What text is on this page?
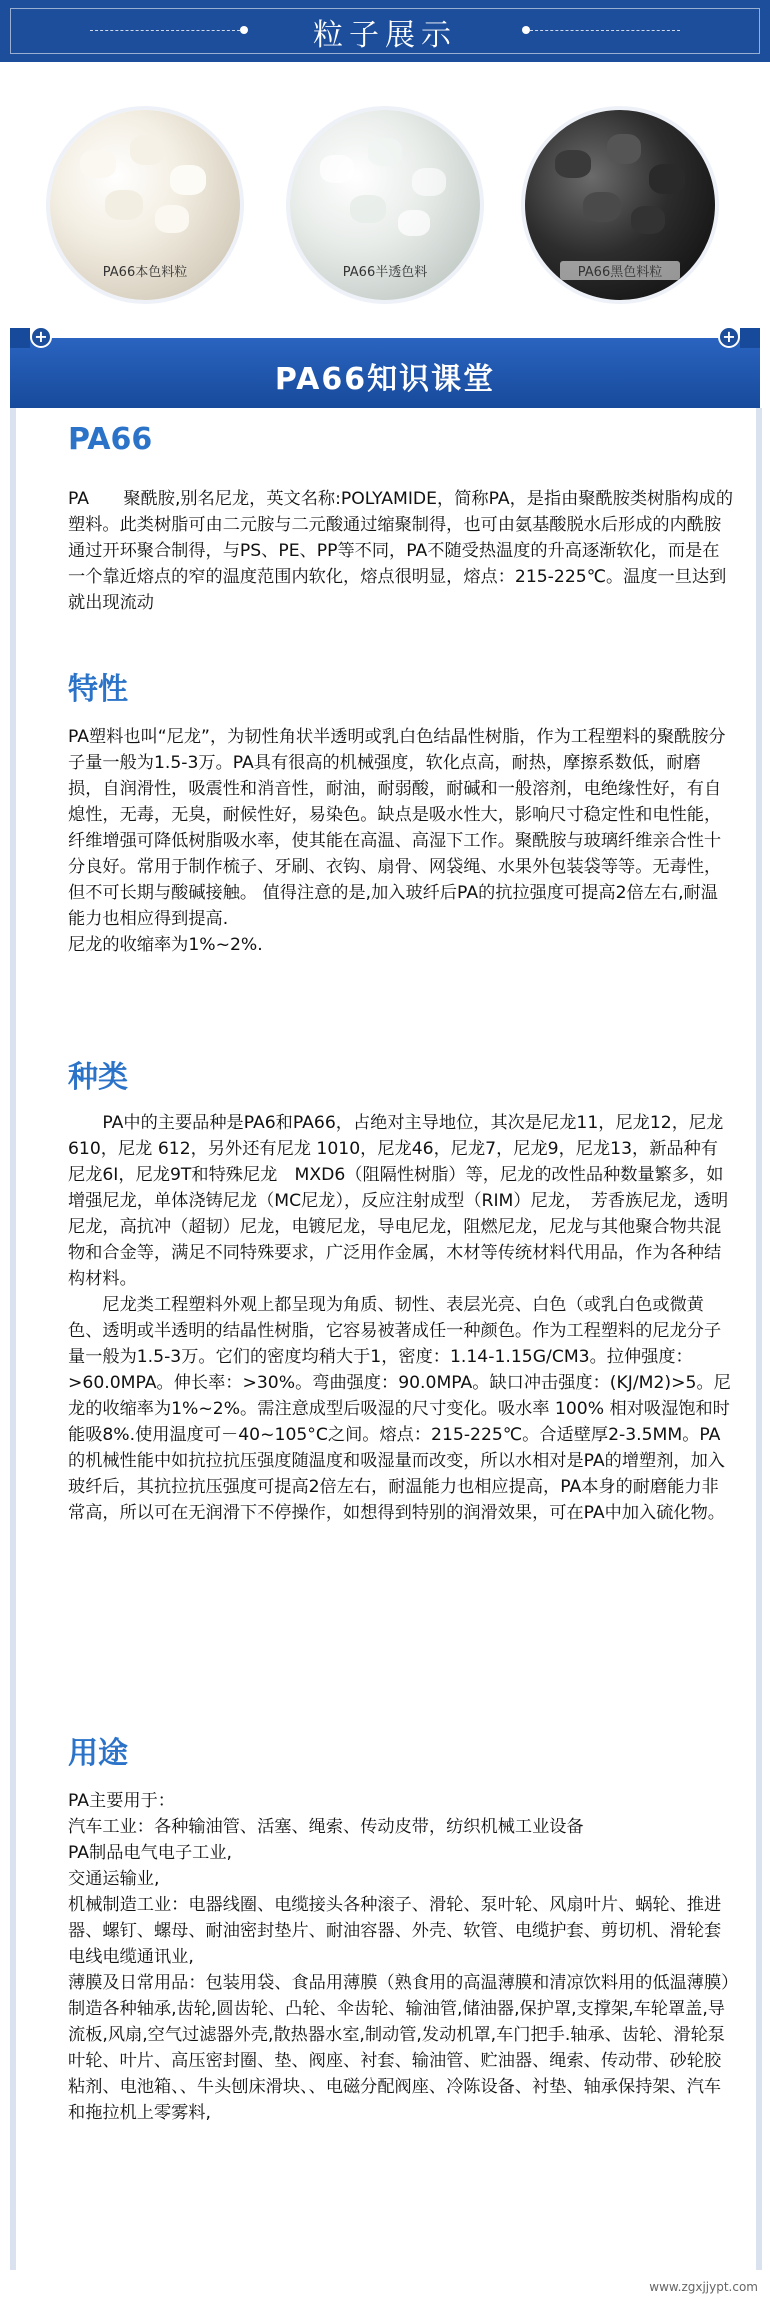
粒子展示
PA66本色料粒	PA66半透色料	PA66黑色料粒
+	+
PA66知识课堂
PA66

PA　　聚酰胺,别名尼龙，英文名称:POLYAMIDE，简称PA，是指由聚酰胺类树脂构成的塑料。此类树脂可由二元胺与二元酸通过缩聚制得，也可由氨基酸脱水后形成的内酰胺通过开环聚合制得，与PS、PE、PP等不同，PA不随受热温度的升高逐渐软化，而是在一个靠近熔点的窄的温度范围内软化，熔点很明显，熔点：215-225℃。温度一旦达到就出现流动

特性

PA塑料也叫“尼龙”，为韧性角状半透明或乳白色结晶性树脂，作为工程塑料的聚酰胺分子量一般为1.5-3万。PA具有很高的机械强度，软化点高，耐热，摩擦系数低，耐磨损，自润滑性，吸震性和消音性，耐油，耐弱酸，耐碱和一般溶剂，电绝缘性好，有自熄性，无毒，无臭，耐候性好，易染色。缺点是吸水性大，影响尺寸稳定性和电性能，纤维增强可降低树脂吸水率，使其能在高温、高湿下工作。聚酰胺与玻璃纤维亲合性十分良好。常用于制作梳子、牙刷、衣钩、扇骨、网袋绳、水果外包装袋等等。无毒性，但不可长期与酸碱接触。 值得注意的是,加入玻纤后PA的抗拉强度可提高2倍左右,耐温能力也相应得到提高.

尼龙的收缩率为1%~2%.

种类

PA中的主要品种是PA6和PA66，占绝对主导地位，其次是尼龙11，尼龙12，尼龙610，尼龙 612，另外还有尼龙 1010，尼龙46，尼龙7，尼龙9，尼龙13，新品种有尼龙6I，尼龙9T和特殊尼龙　MXD6（阻隔性树脂）等，尼龙的改性品种数量繁多，如增强尼龙，单体浇铸尼龙（MC尼龙），反应注射成型（RIM）尼龙，　芳香族尼龙，透明尼龙，高抗冲（超韧）尼龙，电镀尼龙，导电尼龙，阻燃尼龙，尼龙与其他聚合物共混物和合金等，满足不同特殊要求，广泛用作金属，木材等传统材料代用品，作为各种结　构材料。

尼龙类工程塑料外观上都呈现为角质、韧性、表层光亮、白色（或乳白色或微黄色、透明或半透明的结晶性树脂，它容易被著成任一种颜色。作为工程塑料的尼龙分子量一般为1.5-3万。它们的密度均稍大于1，密度：1.14-1.15G/CM3。拉伸强度：>60.0MPA。伸长率：>30%。弯曲强度：90.0MPA。缺口冲击强度：(KJ/M2)>5。尼龙的收缩率为1%~2%。需注意成型后吸湿的尺寸变化。吸水率 100% 相对吸湿饱和时能吸8%.使用温度可－40~105°C之间。熔点：215-225℃。合适壁厚2-3.5MM。PA的机械性能中如抗拉抗压强度随温度和吸湿量而改变，所以水相对是PA的增塑剂，加入玻纤后，其抗拉抗压强度可提高2倍左右，耐温能力也相应提高，PA本身的耐磨能力非常高，所以可在无润滑下不停操作，如想得到特别的润滑效果，可在PA中加入硫化物。

用途

PA主要用于：

汽车工业：各种输油管、活塞、绳索、传动皮带，纺织机械工业设备

PA制品电气电子工业,

交通运输业,

机械制造工业：电器线圈、电缆接头各种滚子、滑轮、泵叶轮、风扇叶片、蜗轮、推进器、螺钉、螺母、耐油密封垫片、耐油容器、外壳、软管、电缆护套、剪切机、滑轮套

电线电缆通讯业,

薄膜及日常用品：包装用袋、食品用薄膜（熟食用的高温薄膜和清凉饮料用的低温薄膜）

制造各种轴承,齿轮,圆齿轮、凸轮、伞齿轮、输油管,储油器,保护罩,支撑架,车轮罩盖,导流板,风扇,空气过滤器外壳,散热器水室,制动管,发动机罩,车门把手.轴承、齿轮、滑轮泵叶轮、叶片、高压密封圈、垫、阀座、衬套、输油管、贮油器、绳索、传动带、砂轮胶粘剂、电池箱、、牛头刨床滑块、、电磁分配阀座、冷陈设备、衬垫、轴承保持架、汽车和拖拉机上零雾料,

www.zgxjjypt.com
